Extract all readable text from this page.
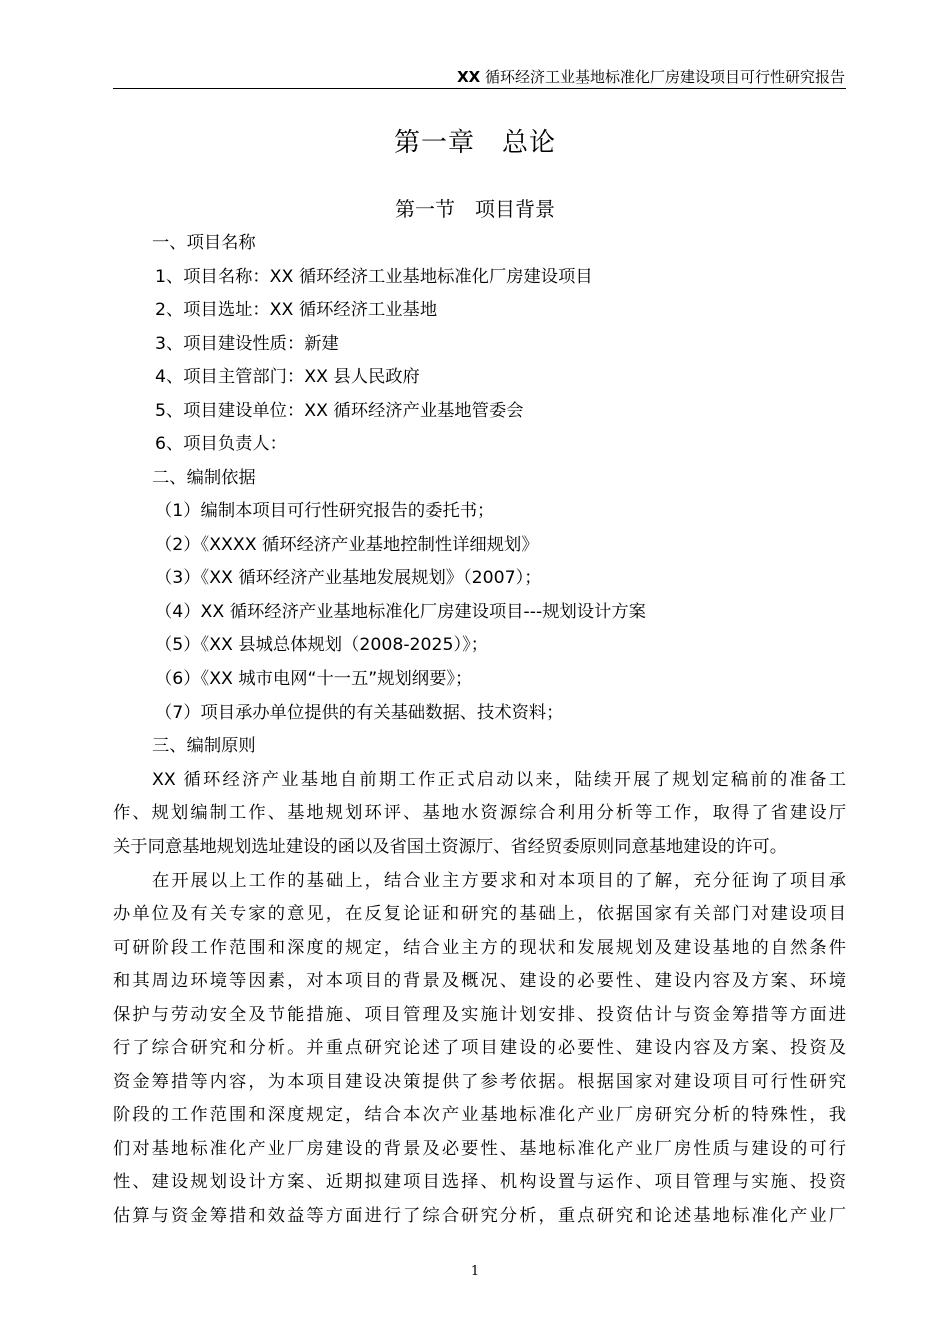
XX 循环经济工业基地标准化厂房建设项目可行性研究报告
第一章　总论
第一节　项目背景
一、项目名称
1、项目名称：XX 循环经济工业基地标准化厂房建设项目
2、项目选址：XX 循环经济工业基地
3、项目建设性质：新建
4、项目主管部门：XX 县人民政府
5、项目建设单位：XX 循环经济产业基地管委会
6、项目负责人：
二、编制依据
（1）编制本项目可行性研究报告的委托书；
（2）《XXXX 循环经济产业基地控制性详细规划》
（3）《XX 循环经济产业基地发展规划》（2007）；
（4）XX 循环经济产业基地标准化厂房建设项目---规划设计方案
（5）《XX 县城总体规划（2008-2025）》；
（6）《XX 城市电网“十一五”规划纲要》；
（7）项目承办单位提供的有关基础数据、技术资料；
三、编制原则
XX 循环经济产业基地自前期工作正式启动以来，陆续开展了规划定稿前的准备工
作、规划编制工作、基地规划环评、基地水资源综合利用分析等工作，取得了省建设厅
关于同意基地规划选址建设的函以及省国土资源厅、省经贸委原则同意基地建设的许可。
在开展以上工作的基础上，结合业主方要求和对本项目的了解，充分征询了项目承
办单位及有关专家的意见，在反复论证和研究的基础上，依据国家有关部门对建设项目
可研阶段工作范围和深度的规定，结合业主方的现状和发展规划及建设基地的自然条件
和其周边环境等因素，对本项目的背景及概况、建设的必要性、建设内容及方案、环境
保护与劳动安全及节能措施、项目管理及实施计划安排、投资估计与资金筹措等方面进
行了综合研究和分析。并重点研究论述了项目建设的必要性、建设内容及方案、投资及
资金筹措等内容，为本项目建设决策提供了参考依据。根据国家对建设项目可行性研究
阶段的工作范围和深度规定，结合本次产业基地标准化产业厂房研究分析的特殊性，我
们对基地标准化产业厂房建设的背景及必要性、基地标准化产业厂房性质与建设的可行
性、建设规划设计方案、近期拟建项目选择、机构设置与运作、项目管理与实施、投资
估算与资金筹措和效益等方面进行了综合研究分析，重点研究和论述基地标准化产业厂
1
